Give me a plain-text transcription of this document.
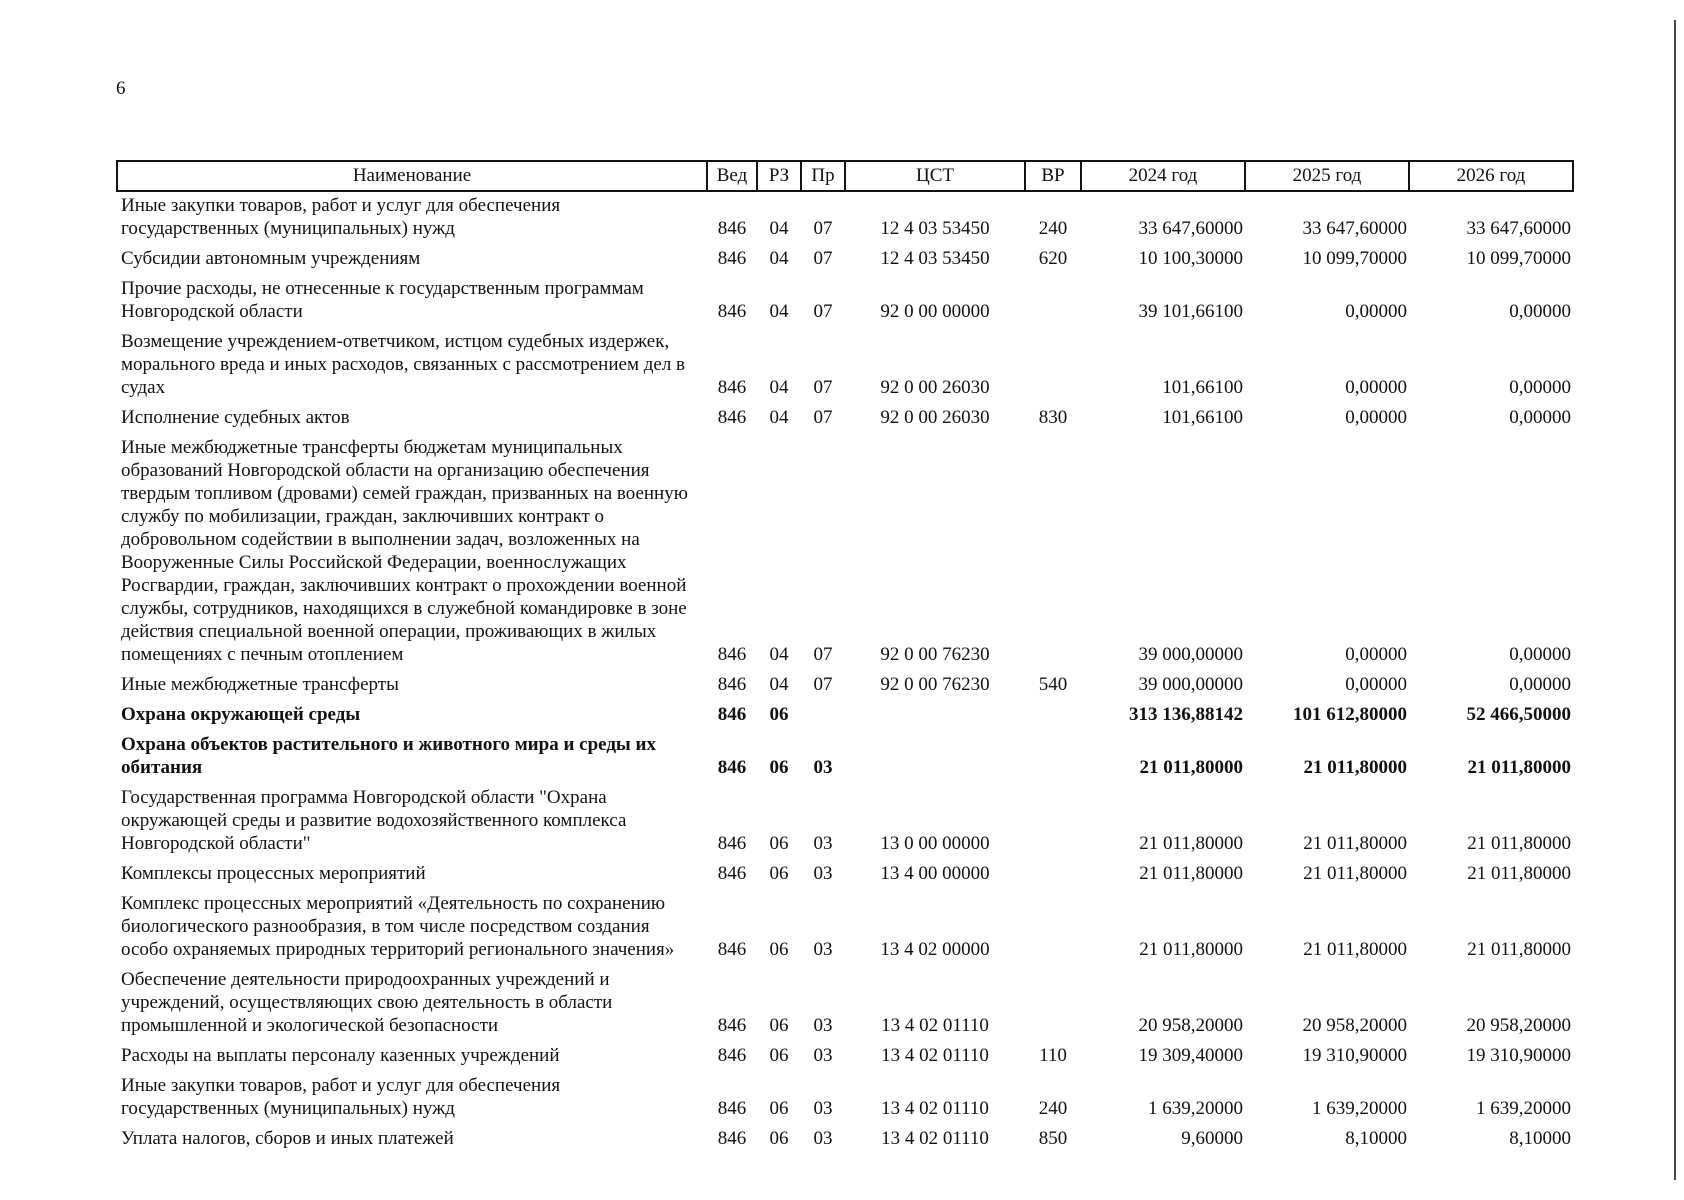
6
Наименование	Вед	РЗ	Пр	ЦСТ	ВР	2024 год	2025 год	2026 год
Иные закупки товаров, работ и услуг для обеспечения государственных (муниципальных) нужд	846	04	07	12 4 03 53450	240	33 647,60000	33 647,60000	33 647,60000
Субсидии автономным учреждениям	846	04	07	12 4 03 53450	620	10 100,30000	10 099,70000	10 099,70000
Прочие расходы, не отнесенные к государственным программам Новгородской области	846	04	07	92 0 00 00000		39 101,66100	0,00000	0,00000
Возмещение учреждением-ответчиком, истцом судебных издержек, морального вреда и иных расходов, связанных с рассмотрением дел в судах	846	04	07	92 0 00 26030		101,66100	0,00000	0,00000
Исполнение судебных актов	846	04	07	92 0 00 26030	830	101,66100	0,00000	0,00000
Иные межбюджетные трансферты бюджетам муниципальных образований Новгородской области на организацию обеспечения твердым топливом (дровами) семей граждан, призванных на военную службу по мобилизации, граждан, заключивших контракт о добровольном содействии в выполнении задач, возложенных на Вооруженные Силы Российской Федерации, военнослужащих Росгвардии, граждан, заключивших контракт о прохождении военной службы, сотрудников, находящихся в служебной командировке в зоне действия специальной военной операции, проживающих в жилых помещениях с печным отоплением	846	04	07	92 0 00 76230		39 000,00000	0,00000	0,00000
Иные межбюджетные трансферты	846	04	07	92 0 00 76230	540	39 000,00000	0,00000	0,00000
Охрана окружающей среды	846	06				313 136,88142	101 612,80000	52 466,50000
Охрана объектов растительного и животного мира и среды их обитания	846	06	03			21 011,80000	21 011,80000	21 011,80000
Государственная программа Новгородской области "Охрана окружающей среды и развитие водохозяйственного комплекса Новгородской области"	846	06	03	13 0 00 00000		21 011,80000	21 011,80000	21 011,80000
Комплексы процессных мероприятий	846	06	03	13 4 00 00000		21 011,80000	21 011,80000	21 011,80000
Комплекс процессных мероприятий «Деятельность по сохранению биологического разнообразия, в том числе посредством создания особо охраняемых природных территорий регионального значения»	846	06	03	13 4 02 00000		21 011,80000	21 011,80000	21 011,80000
Обеспечение деятельности природоохранных учреждений и учреждений, осуществляющих свою деятельность в области промышленной и экологической безопасности	846	06	03	13 4 02 01110		20 958,20000	20 958,20000	20 958,20000
Расходы на выплаты персоналу казенных учреждений	846	06	03	13 4 02 01110	110	19 309,40000	19 310,90000	19 310,90000
Иные закупки товаров, работ и услуг для обеспечения государственных (муниципальных) нужд	846	06	03	13 4 02 01110	240	1 639,20000	1 639,20000	1 639,20000
Уплата налогов, сборов и иных платежей	846	06	03	13 4 02 01110	850	9,60000	8,10000	8,10000
